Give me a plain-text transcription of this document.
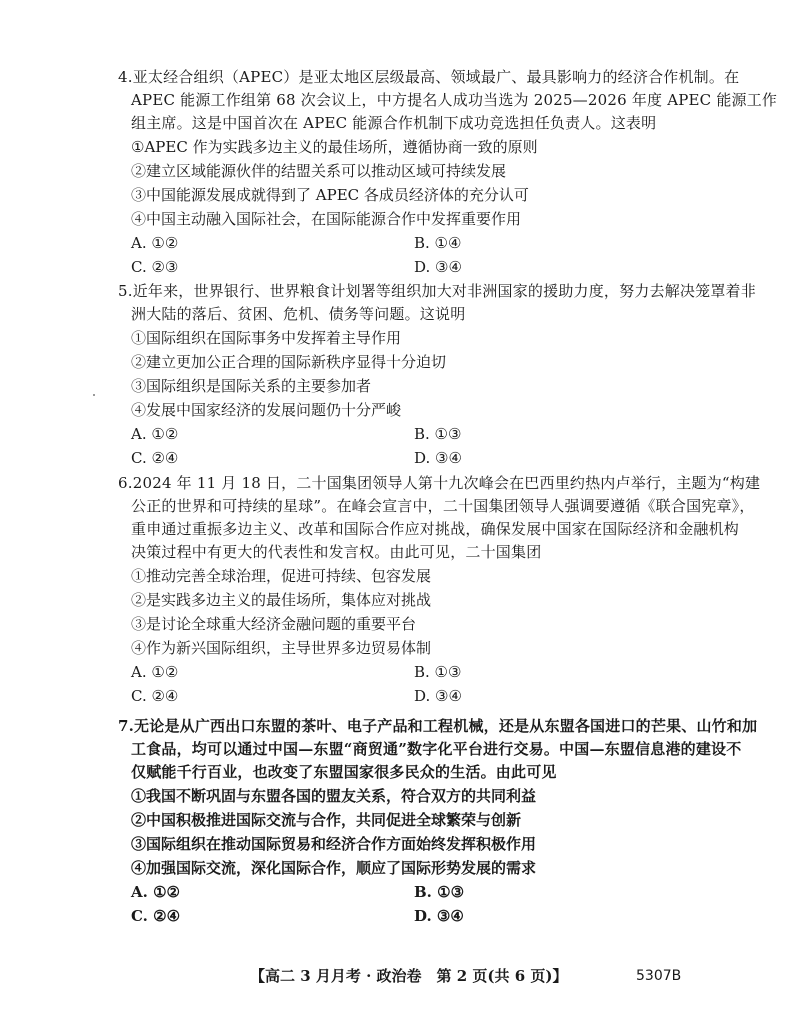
4.亚太经合组织（APEC）是亚太地区层级最高、领域最广、最具影响力的经济合作机制。在
APEC 能源工作组第 68 次会议上，中方提名人成功当选为 2025—2026 年度 APEC 能源工作
组主席。这是中国首次在 APEC 能源合作机制下成功竞选担任负责人。这表明
①APEC 作为实践多边主义的最佳场所，遵循协商一致的原则
②建立区域能源伙伴的结盟关系可以推动区域可持续发展
③中国能源发展成就得到了 APEC 各成员经济体的充分认可
④中国主动融入国际社会，在国际能源合作中发挥重要作用
A. ①②	B. ①④
C. ②③	D. ③④
5.近年来，世界银行、世界粮食计划署等组织加大对非洲国家的援助力度，努力去解决笼罩着非
洲大陆的落后、贫困、危机、债务等问题。这说明
①国际组织在国际事务中发挥着主导作用
②建立更加公正合理的国际新秩序显得十分迫切
③国际组织是国际关系的主要参加者
④发展中国家经济的发展问题仍十分严峻
A. ①②	B. ①③
C. ②④	D. ③④
6.2024 年 11 月 18 日，二十国集团领导人第十九次峰会在巴西里约热内卢举行，主题为“构建
公正的世界和可持续的星球”。在峰会宣言中，二十国集团领导人强调要遵循《联合国宪章》，
重申通过重振多边主义、改革和国际合作应对挑战，确保发展中国家在国际经济和金融机构
决策过程中有更大的代表性和发言权。由此可见，二十国集团
①推动完善全球治理，促进可持续、包容发展
②是实践多边主义的最佳场所，集体应对挑战
③是讨论全球重大经济金融问题的重要平台
④作为新兴国际组织，主导世界多边贸易体制
A. ①②	B. ①③
C. ②④	D. ③④
7.无论是从广西出口东盟的茶叶、电子产品和工程机械，还是从东盟各国进口的芒果、山竹和加
工食品，均可以通过中国—东盟“商贸通”数字化平台进行交易。中国—东盟信息港的建设不
仅赋能千行百业，也改变了东盟国家很多民众的生活。由此可见
①我国不断巩固与东盟各国的盟友关系，符合双方的共同利益
②中国积极推进国际交流与合作，共同促进全球繁荣与创新
③国际组织在推动国际贸易和经济合作方面始终发挥积极作用
④加强国际交流，深化国际合作，顺应了国际形势发展的需求
A. ①②	B. ①③
C. ②④	D. ③④
【高二 3 月月考 · 政治卷　第 2 页(共 6 页)】	5307B
